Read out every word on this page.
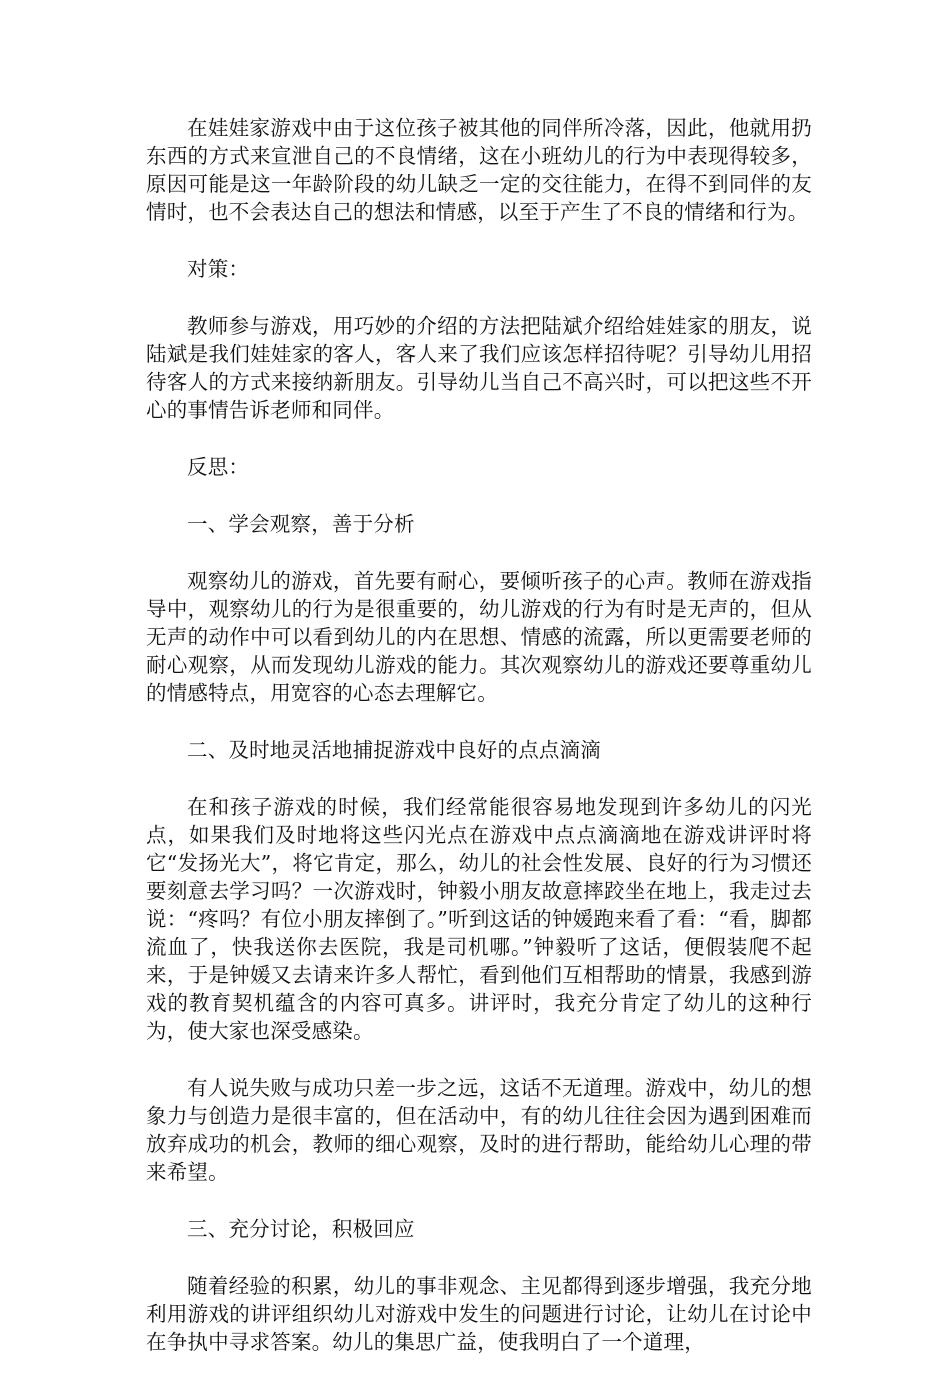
在娃娃家游戏中由于这位孩子被其他的同伴所冷落，因此，他就用扔东西的方式来宣泄自己的不良情绪，这在小班幼儿的行为中表现得较多，原因可能是这一年龄阶段的幼儿缺乏一定的交往能力，在得不到同伴的友情时，也不会表达自己的想法和情感，以至于产生了不良的情绪和行为。

对策：

教师参与游戏，用巧妙的介绍的方法把陆斌介绍给娃娃家的朋友，说陆斌是我们娃娃家的客人，客人来了我们应该怎样招待呢？引导幼儿用招待客人的方式来接纳新朋友。引导幼儿当自己不高兴时，可以把这些不开心的事情告诉老师和同伴。

反思：

一、学会观察，善于分析

观察幼儿的游戏，首先要有耐心，要倾听孩子的心声。教师在游戏指导中，观察幼儿的行为是很重要的，幼儿游戏的行为有时是无声的，但从无声的动作中可以看到幼儿的内在思想、情感的流露，所以更需要老师的耐心观察，从而发现幼儿游戏的能力。其次观察幼儿的游戏还要尊重幼儿的情感特点，用宽容的心态去理解它。

二、及时地灵活地捕捉游戏中良好的点点滴滴

在和孩子游戏的时候，我们经常能很容易地发现到许多幼儿的闪光点，如果我们及时地将这些闪光点在游戏中点点滴滴地在游戏讲评时将它“发扬光大”，将它肯定，那么，幼儿的社会性发展、良好的行为习惯还要刻意去学习吗？一次游戏时，钟毅小朋友故意摔跤坐在地上，我走过去说：“疼吗？有位小朋友摔倒了。”听到这话的钟媛跑来看了看：“看，脚都流血了，快我送你去医院，我是司机哪。”钟毅听了这话，便假装爬不起来，于是钟媛又去请来许多人帮忙，看到他们互相帮助的情景，我感到游戏的教育契机蕴含的内容可真多。讲评时，我充分肯定了幼儿的这种行为，使大家也深受感染。

有人说失败与成功只差一步之远，这话不无道理。游戏中，幼儿的想象力与创造力是很丰富的，但在活动中，有的幼儿往往会因为遇到困难而放弃成功的机会，教师的细心观察，及时的进行帮助，能给幼儿心理的带来希望。

三、充分讨论，积极回应

随着经验的积累，幼儿的事非观念、主见都得到逐步增强，我充分地利用游戏的讲评组织幼儿对游戏中发生的问题进行讨论，让幼儿在讨论中在争执中寻求答案。幼儿的集思广益，使我明白了一个道理，
